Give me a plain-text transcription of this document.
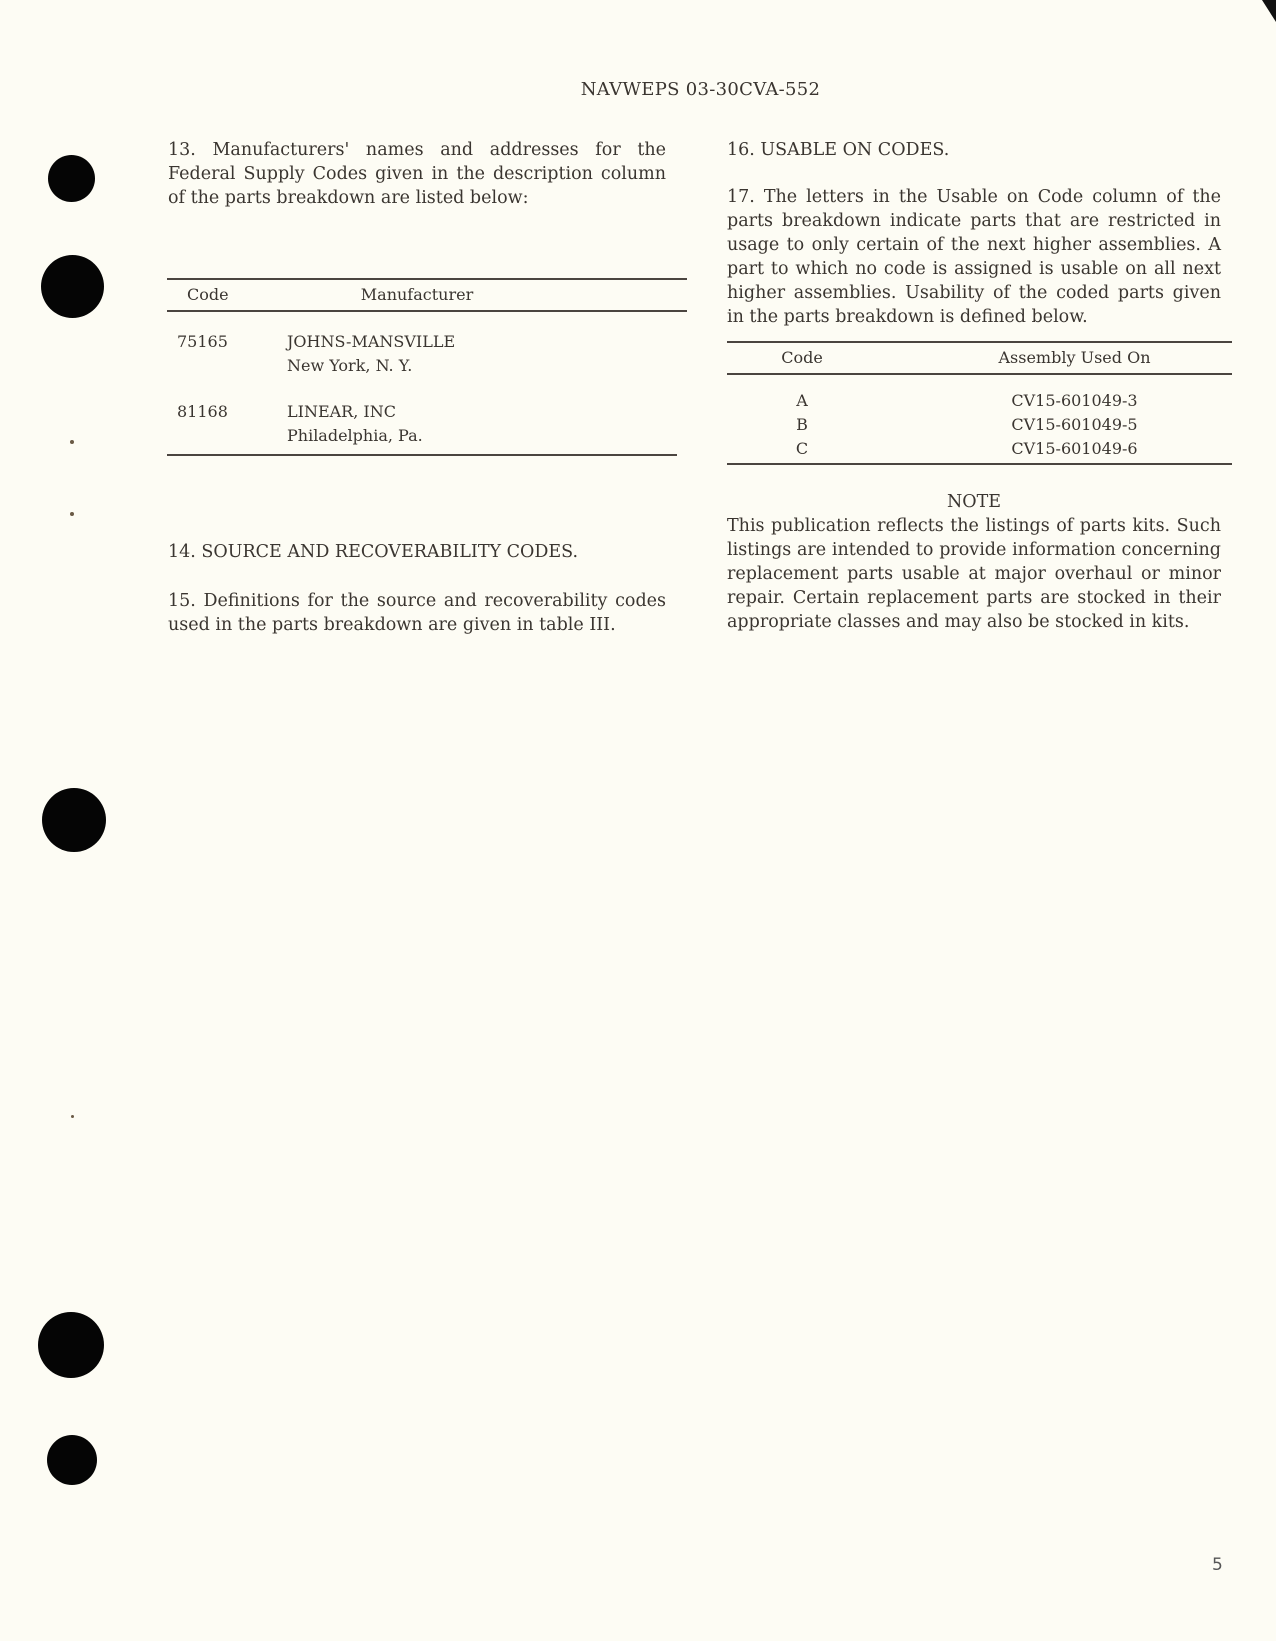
NAVWEPS 03-30CVA-552

13. Manufacturers' names and addresses for the Federal Supply Codes given in the description column of the parts breakdown are listed below:

Code	Manufacturer
75165	JOHNS-MANSVILLE
New York, N. Y.
81168	LINEAR, INC
Philadelphia, Pa.

14. SOURCE AND RECOVERABILITY CODES.

15. Definitions for the source and recoverability codes used in the parts breakdown are given in table III.

16. USABLE ON CODES.

17. The letters in the Usable on Code column of the parts breakdown indicate parts that are restricted in usage to only certain of the next higher assemblies. A part to which no code is assigned is usable on all next higher assemblies. Usability of the coded parts given in the parts breakdown is defined below.

Code	Assembly Used On
A	CV15-601049-3
B	CV15-601049-5
C	CV15-601049-6
NOTE

This publication reflects the listings of parts kits. Such listings are intended to provide information concerning replacement parts usable at major overhaul or minor repair. Certain replacement parts are stocked in their appropriate classes and may also be stocked in kits.

5
